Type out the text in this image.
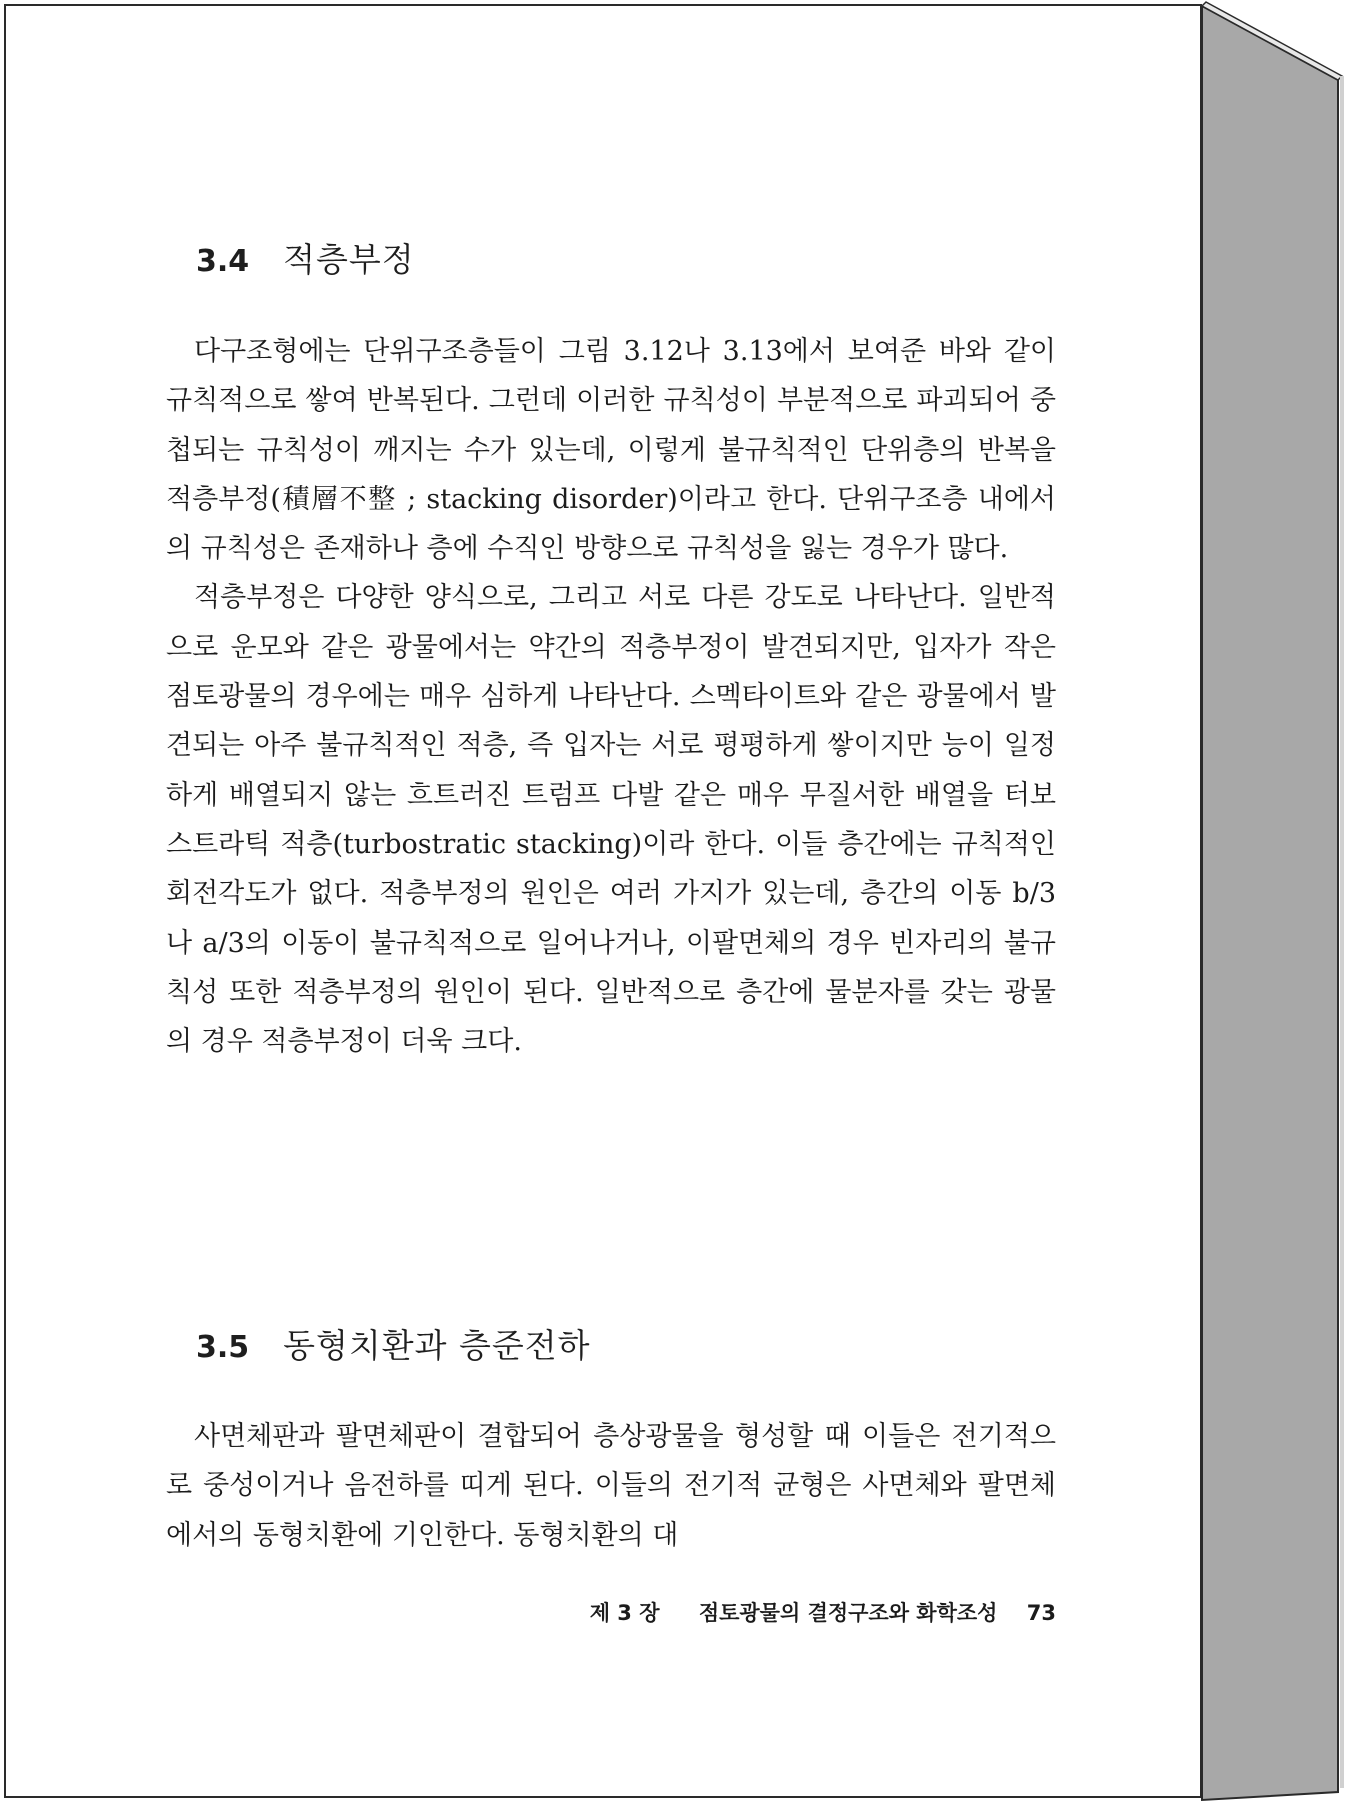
3.4 적층부정

다구조형에는 단위구조층들이 그림 3.12나 3.13에서 보여준 바와 같이 규칙적으로 쌓여 반복된다. 그런데 이러한 규칙성이 부분적으로 파괴되어 중첩되는 규칙성이 깨지는 수가 있는데, 이렇게 불규칙적인 단위층의 반복을 적층부정(積層不整 ; stacking disorder)이라고 한다. 단위구조층 내에서의 규칙성은 존재하나 층에 수직인 방향으로 규칙성을 잃는 경우가 많다.

적층부정은 다양한 양식으로, 그리고 서로 다른 강도로 나타난다. 일반적으로 운모와 같은 광물에서는 약간의 적층부정이 발견되지만, 입자가 작은 점토광물의 경우에는 매우 심하게 나타난다. 스멕타이트와 같은 광물에서 발견되는 아주 불규칙적인 적층, 즉 입자는 서로 평평하게 쌓이지만 능이 일정하게 배열되지 않는 흐트러진 트럼프 다발 같은 매우 무질서한 배열을 터보스트라틱 적층(turbostratic stacking)이라 한다. 이들 층간에는 규칙적인 회전각도가 없다. 적층부정의 원인은 여러 가지가 있는데, 층간의 이동 b/3나 a/3의 이동이 불규칙적으로 일어나거나, 이팔면체의 경우 빈자리의 불규칙성 또한 적층부정의 원인이 된다. 일반적으로 층간에 물분자를 갖는 광물의 경우 적층부정이 더욱 크다.

3.5 동형치환과 층준전하

사면체판과 팔면체판이 결합되어 층상광물을 형성할 때 이들은 전기적으로 중성이거나 음전하를 띠게 된다. 이들의 전기적 균형은 사면체와 팔면체에서의 동형치환에 기인한다. 동형치환의 대

제 3 장 점토광물의 결정구조와 화학조성 73
